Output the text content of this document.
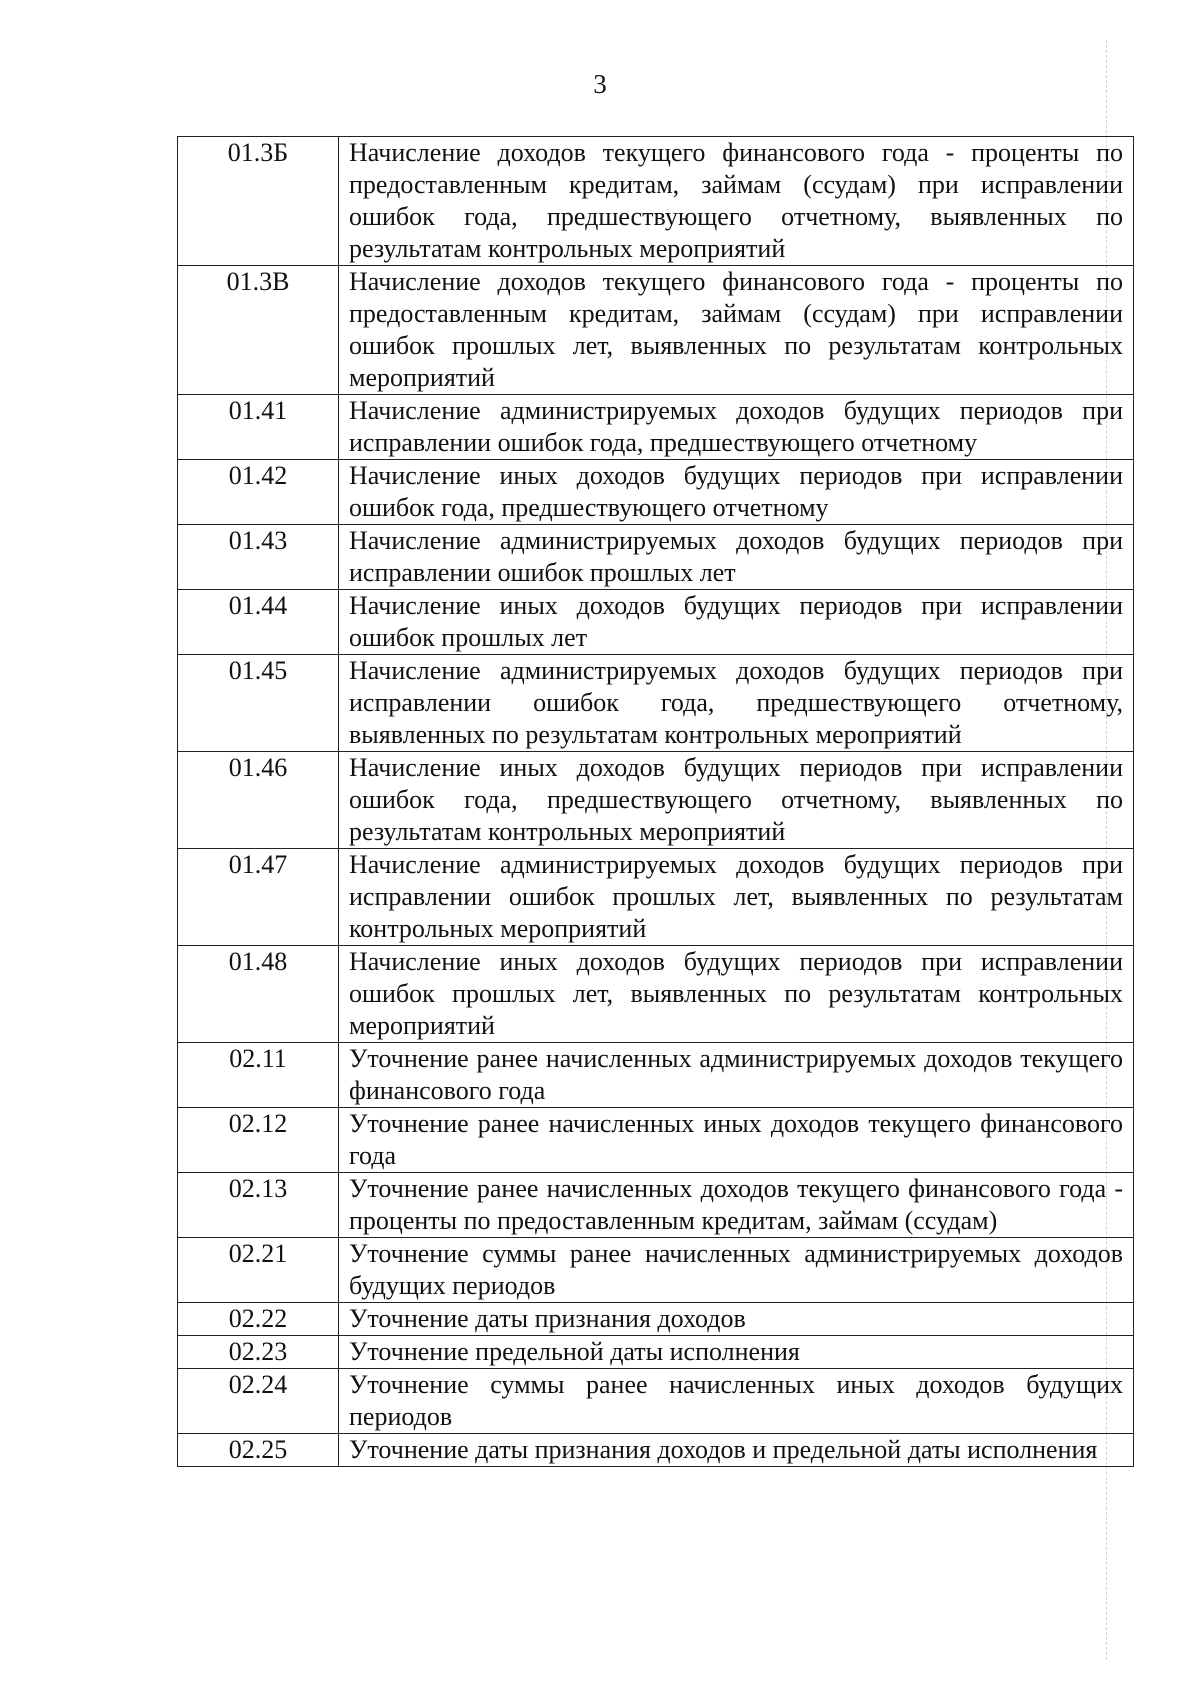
3
01.3Б	Начисление доходов текущего финансового года - проценты по предоставленным кредитам, займам (ссудам) при исправлении ошибок года, предшествующего отчетному, выявленных по результатам контрольных мероприятий
01.3В	Начисление доходов текущего финансового года - проценты по предоставленным кредитам, займам (ссудам) при исправлении ошибок прошлых лет, выявленных по результатам контрольных мероприятий
01.41	Начисление администрируемых доходов будущих периодов при исправлении ошибок года, предшествующего отчетному
01.42	Начисление иных доходов будущих периодов при исправлении ошибок года, предшествующего отчетному
01.43	Начисление администрируемых доходов будущих периодов при исправлении ошибок прошлых лет
01.44	Начисление иных доходов будущих периодов при исправлении ошибок прошлых лет
01.45	Начисление администрируемых доходов будущих периодов при исправлении ошибок года, предшествующего отчетному, выявленных по результатам контрольных мероприятий
01.46	Начисление иных доходов будущих периодов при исправлении ошибок года, предшествующего отчетному, выявленных по результатам контрольных мероприятий
01.47	Начисление администрируемых доходов будущих периодов при исправлении ошибок прошлых лет, выявленных по результатам контрольных мероприятий
01.48	Начисление иных доходов будущих периодов при исправлении ошибок прошлых лет, выявленных по результатам контрольных мероприятий
02.11	Уточнение ранее начисленных администрируемых доходов текущего финансового года
02.12	Уточнение ранее начисленных иных доходов текущего финансового года
02.13	Уточнение ранее начисленных доходов текущего финансового года - проценты по предоставленным кредитам, займам (ссудам)
02.21	Уточнение суммы ранее начисленных администрируемых доходов будущих периодов
02.22	Уточнение даты признания доходов
02.23	Уточнение предельной даты исполнения
02.24	Уточнение суммы ранее начисленных иных доходов будущих периодов
02.25	Уточнение даты признания доходов и предельной даты исполнения
